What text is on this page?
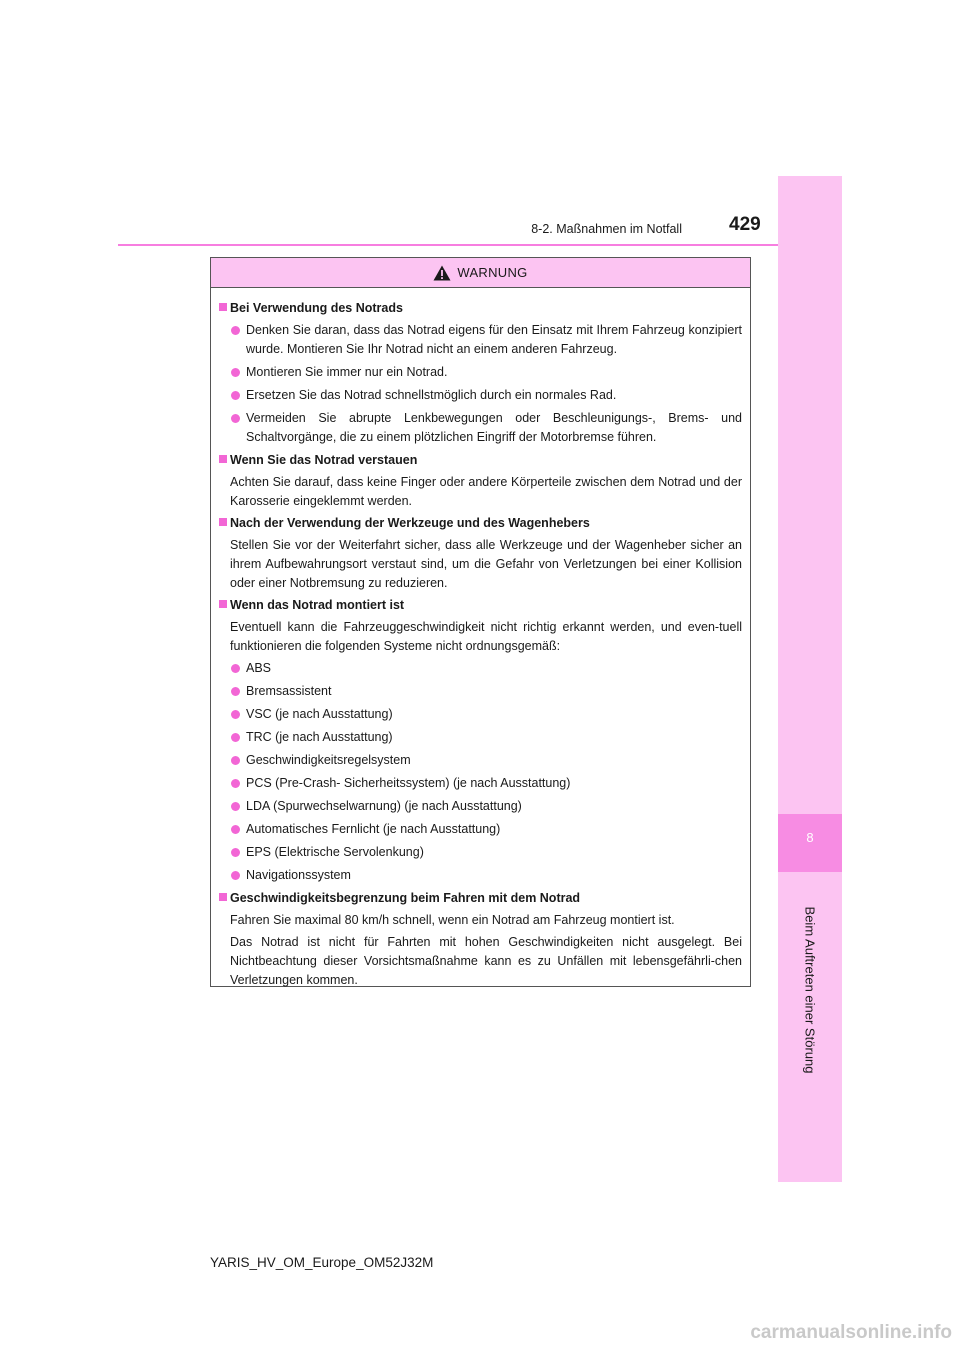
8
Beim Auftreten einer Störung
8-2. Maßnahmen im Notfall 429
WARNUNG
Bei Verwendung des Notrads
Denken Sie daran, dass das Notrad eigens für den Einsatz mit Ihrem Fahrzeug konzipiert wurde. Montieren Sie Ihr Notrad nicht an einem anderen Fahrzeug.
Montieren Sie immer nur ein Notrad.
Ersetzen Sie das Notrad schnellstmöglich durch ein normales Rad.
Vermeiden Sie abrupte Lenkbewegungen oder Beschleunigungs-, Brems- und Schaltvorgänge, die zu einem plötzlichen Eingriff der Motorbremse führen.
Wenn Sie das Notrad verstauen
Achten Sie darauf, dass keine Finger oder andere Körperteile zwischen dem Notrad und der Karosserie eingeklemmt werden.
Nach der Verwendung der Werkzeuge und des Wagenhebers
Stellen Sie vor der Weiterfahrt sicher, dass alle Werkzeuge und der Wagenheber sicher an ihrem Aufbewahrungsort verstaut sind, um die Gefahr von Verletzungen bei einer Kollision oder einer Notbremsung zu reduzieren.
Wenn das Notrad montiert ist
Eventuell kann die Fahrzeuggeschwindigkeit nicht richtig erkannt werden, und even-tuell funktionieren die folgenden Systeme nicht ordnungsgemäß:
ABS
Bremsassistent
VSC (je nach Ausstattung)
TRC (je nach Ausstattung)
Geschwindigkeitsregelsystem
PCS (Pre-Crash- Sicherheitssystem) (je nach Ausstattung)
LDA (Spurwechselwarnung) (je nach Ausstattung)
Automatisches Fernlicht (je nach Ausstattung)
EPS (Elektrische Servolenkung)
Navigationssystem
Geschwindigkeitsbegrenzung beim Fahren mit dem Notrad
Fahren Sie maximal 80 km/h schnell, wenn ein Notrad am Fahrzeug montiert ist.
Das Notrad ist nicht für Fahrten mit hohen Geschwindigkeiten nicht ausgelegt. Bei Nichtbeachtung dieser Vorsichtsmaßnahme kann es zu Unfällen mit lebensgefährli-chen Verletzungen kommen.
YARIS_HV_OM_Europe_OM52J32M
carmanualsonline.info
